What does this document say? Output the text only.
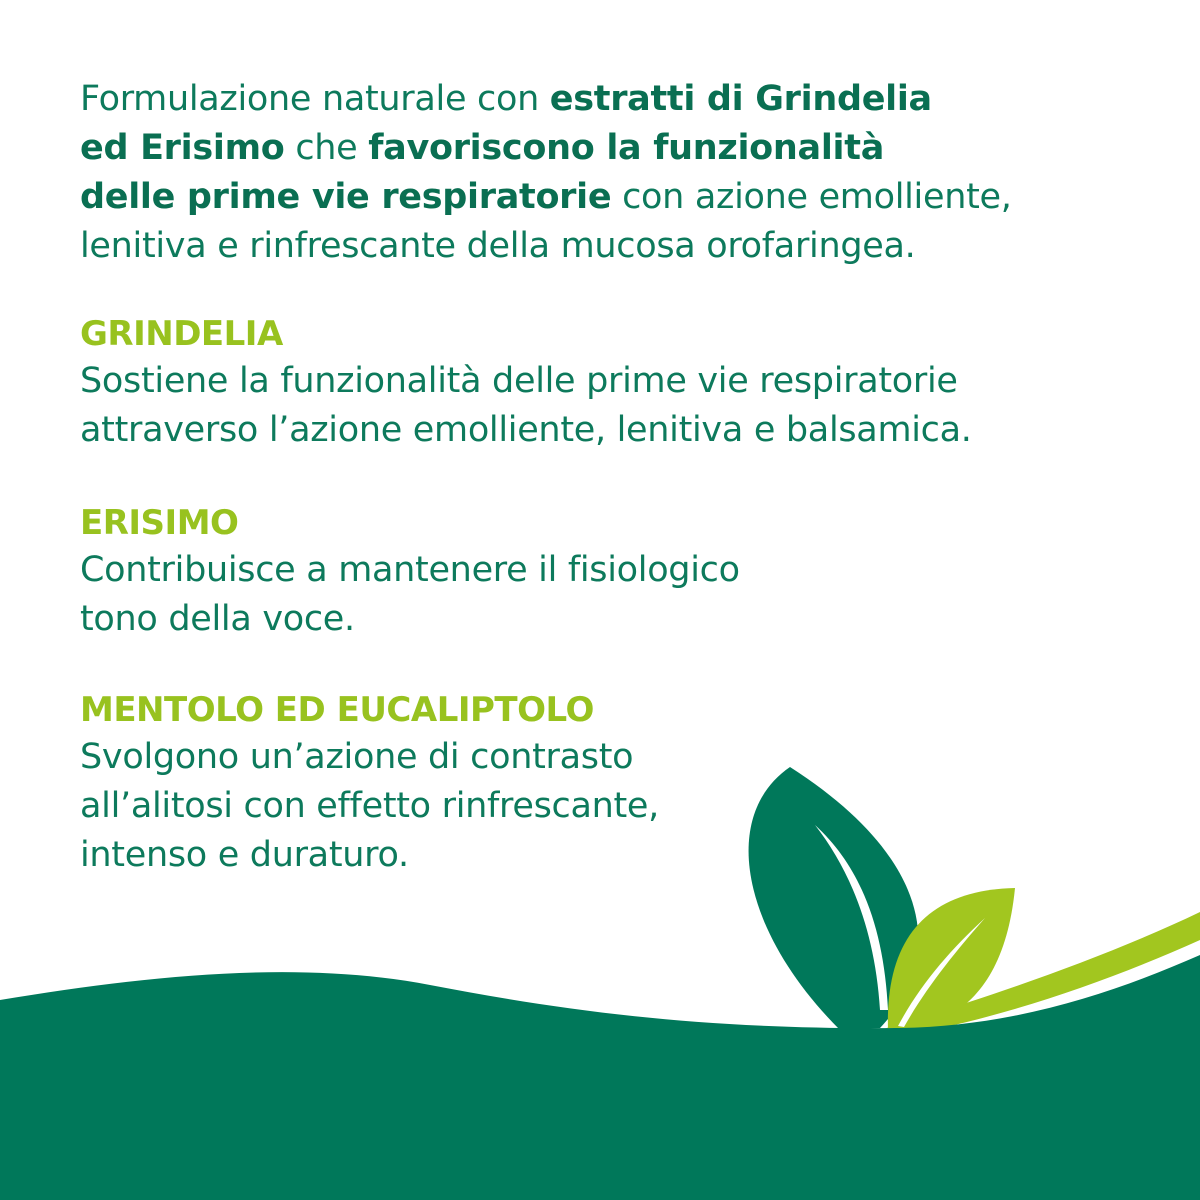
Formulazione naturale con estratti di Grindelia
ed Erisimo che favoriscono la funzionalità
delle prime vie respiratorie con azione emolliente,
lenitiva e rinfrescante della mucosa orofaringea.
GRINDELIA
Sostiene la funzionalità delle prime vie respiratorie
attraverso l’azione emolliente, lenitiva e balsamica.
ERISIMO
Contribuisce a mantenere il fisiologico
tono della voce.
MENTOLO ED EUCALIPTOLO
Svolgono un’azione di contrasto
all’alitosi con effetto rinfrescante,
intenso e duraturo.
